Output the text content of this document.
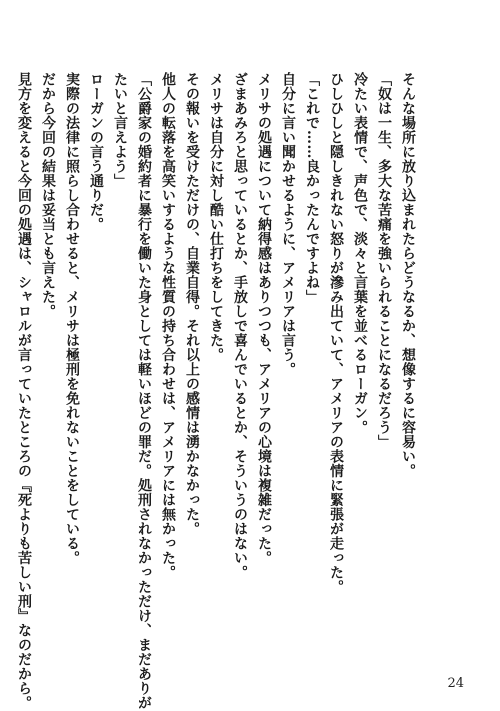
そんな場所に放り込まれたらどうなるか、想像するに容易い。
「奴は一生、多大な苦痛を強いられることになるだろう」
冷たい表情で、声色で、淡々と言葉を並べるローガン。
ひしひしと隠しきれない怒りが滲み出ていて、アメリアの表情に緊張が走った。
「これで……良かったんですよね」
自分に言い聞かせるように、アメリアは言う。
メリサの処遇について納得感はありつつも、アメリアの心境は複雑だった。
ざまあみろと思っているとか、手放しで喜んでいるとか、そういうのはない。
メリサは自分に対し酷い仕打ちをしてきた。
その報いを受けただけの、自業自得。それ以上の感情は湧かなかった。
他人の転落を高笑いするような性質の持ち合わせは、アメリアには無かった。
「公爵家の婚約者に暴行を働いた身としては軽いほどの罪だ。処刑されなかっただけ、まだありが
たいと言えよう」
ローガンの言う通りだ。
実際の法律に照らし合わせると、メリサは極刑を免れないことをしている。
だから今回の結果は妥当とも言えた。
見方を変えると今回の処遇は、シャロルが言っていたところの『死よりも苦しい刑』なのだから。	24
